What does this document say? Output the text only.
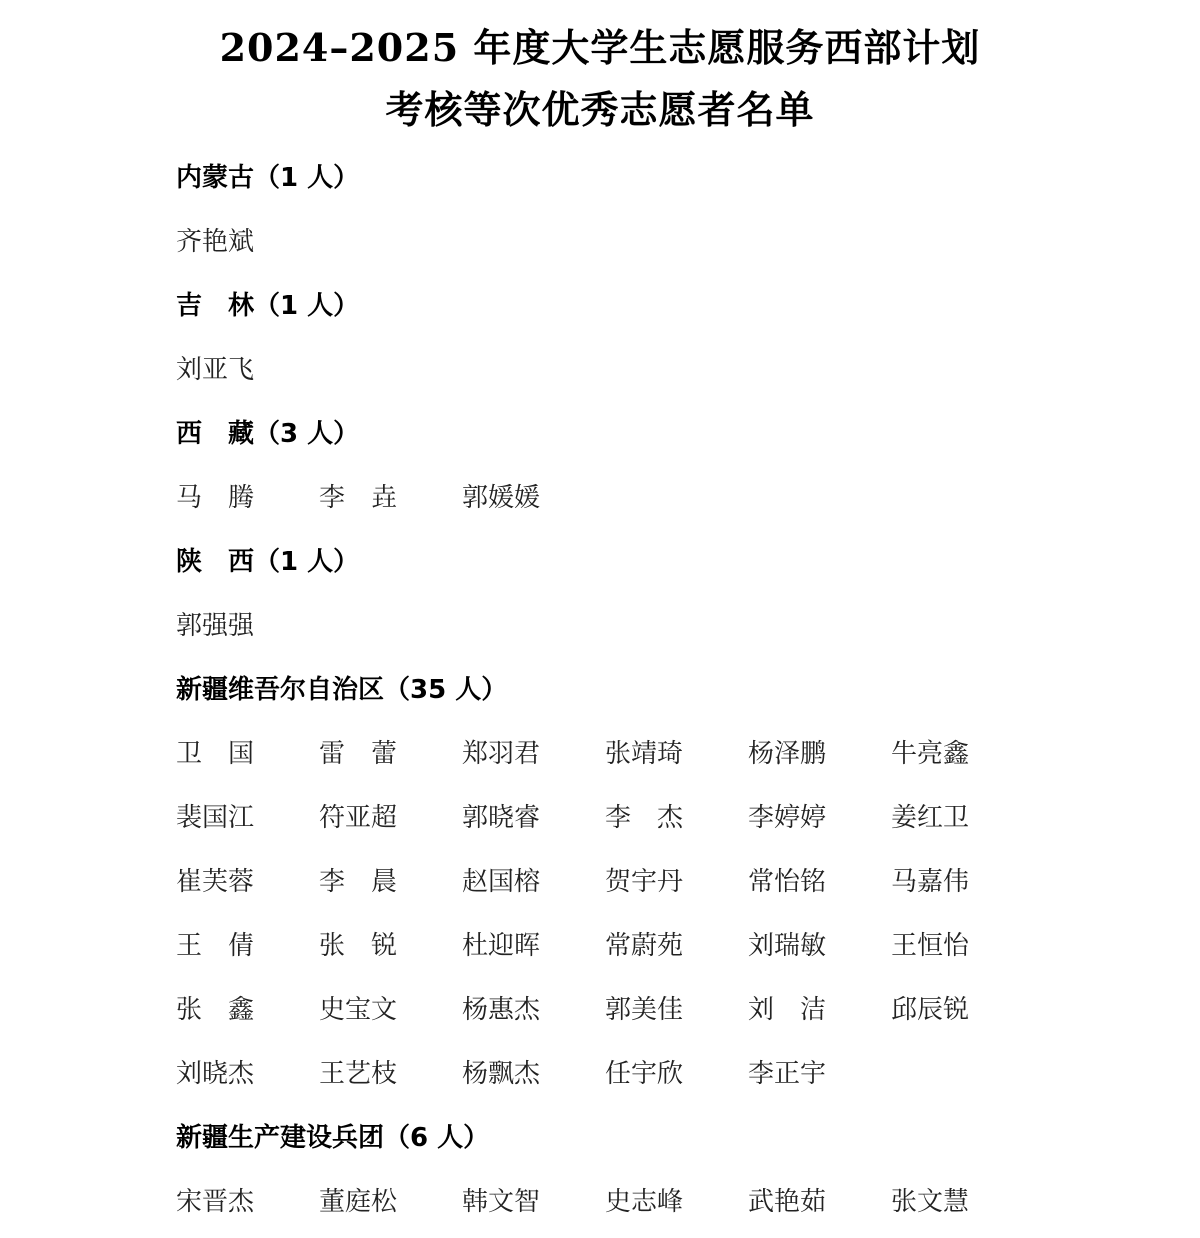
2024–2025 年度大学生志愿服务西部计划
考核等次优秀志愿者名单
内蒙古（1 人）
齐艳斌
吉　林（1 人）
刘亚飞
西　藏（3 人）
马　腾	李　垚	郭媛媛
陕　西（1 人）
郭强强
新疆维吾尔自治区（35 人）
卫　国	雷　蕾	郑羽君	张靖琦	杨泽鹏	牛亮鑫
裴国江	符亚超	郭晓睿	李　杰	李婷婷	姜红卫
崔芙蓉	李　晨	赵国榕	贺宇丹	常怡铭	马嘉伟
王　倩	张　锐	杜迎晖	常蔚苑	刘瑞敏	王恒怡
张　鑫	史宝文	杨惠杰	郭美佳	刘　洁	邱辰锐
刘晓杰	王艺枝	杨飘杰	任宇欣	李正宇
新疆生产建设兵团（6 人）
宋晋杰	董庭松	韩文智	史志峰	武艳茹	张文慧
